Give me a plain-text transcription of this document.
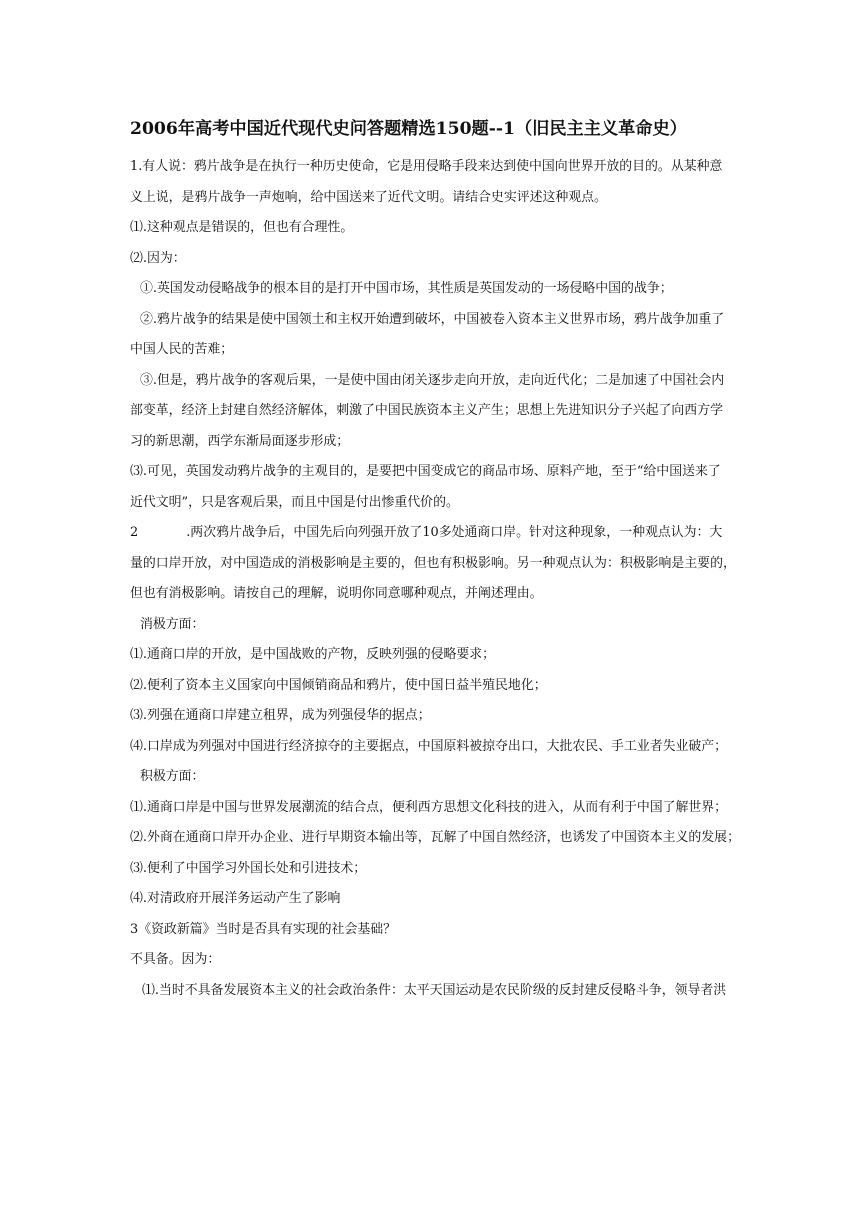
2006年高考中国近代现代史问答题精选150题--1（旧民主主义革命史）
1.有人说：鸦片战争是在执行一种历史使命，它是用侵略手段来达到使中国向世界开放的目的。从某种意
义上说，是鸦片战争一声炮响，给中国送来了近代文明。请结合史实评述这种观点。
⑴.这种观点是错误的，但也有合理性。
⑵.因为：
①.英国发动侵略战争的根本目的是打开中国市场，其性质是英国发动的一场侵略中国的战争；
②.鸦片战争的结果是使中国领土和主权开始遭到破坏，中国被卷入资本主义世界市场，鸦片战争加重了
中国人民的苦难；
③.但是，鸦片战争的客观后果，一是使中国由闭关逐步走向开放，走向近代化；二是加速了中国社会内
部变革，经济上封建自然经济解体，刺激了中国民族资本主义产生；思想上先进知识分子兴起了向西方学
习的新思潮，西学东渐局面逐步形成；
⑶.可见，英国发动鸦片战争的主观目的，是要把中国变成它的商品市场、原料产地，至于“给中国送来了
近代文明”，只是客观后果，而且中国是付出惨重代价的。
2	.两次鸦片战争后，中国先后向列强开放了10多处通商口岸。针对这种现象，一种观点认为：大
量的口岸开放，对中国造成的消极影响是主要的，但也有积极影响。另一种观点认为：积极影响是主要的，
但也有消极影响。请按自己的理解，说明你同意哪种观点，并阐述理由。
消极方面：
⑴.通商口岸的开放，是中国战败的产物，反映列强的侵略要求；
⑵.便利了资本主义国家向中国倾销商品和鸦片，使中国日益半殖民地化；
⑶.列强在通商口岸建立租界，成为列强侵华的据点；
⑷.口岸成为列强对中国进行经济掠夺的主要据点，中国原料被掠夺出口，大批农民、手工业者失业破产；
积极方面：
⑴.通商口岸是中国与世界发展潮流的结合点，便利西方思想文化科技的进入，从而有利于中国了解世界；
⑵.外商在通商口岸开办企业、进行早期资本输出等，瓦解了中国自然经济，也诱发了中国资本主义的发展；
⑶.便利了中国学习外国长处和引进技术；
⑷.对清政府开展洋务运动产生了影响
3《资政新篇》当时是否具有实现的社会基础？
不具备。因为：
⑴.当时不具备发展资本主义的社会政治条件：太平天国运动是农民阶级的反封建反侵略斗争，领导者洪
